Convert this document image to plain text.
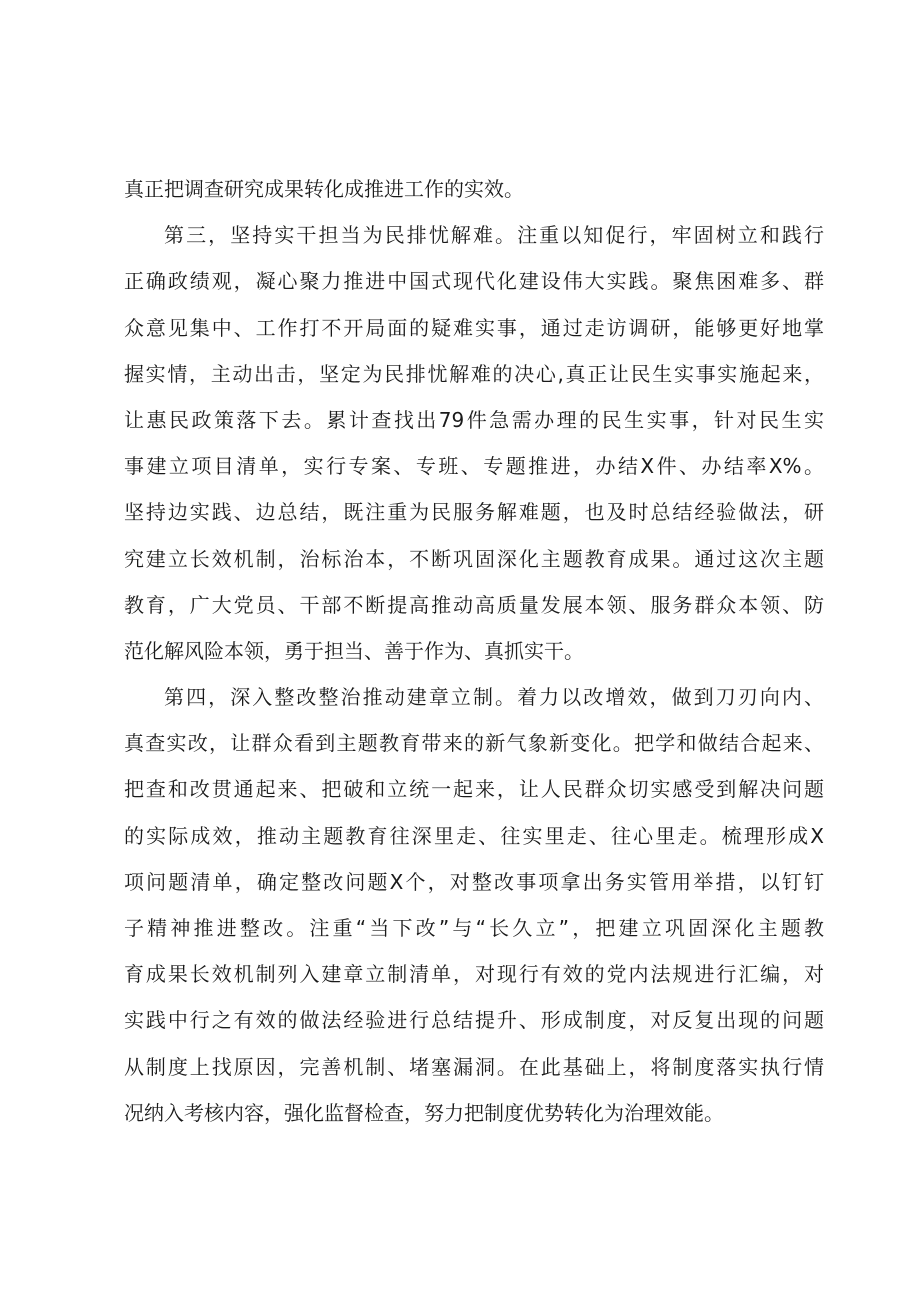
真正把调查研究成果转化成推进工作的实效。
第三，坚持实干担当为民排忧解难。注重以知促行，牢固树立和践行
正确政绩观，凝心聚力推进中国式现代化建设伟大实践。聚焦困难多、群
众意见集中、工作打不开局面的疑难实事，通过走访调研，能够更好地掌
握实情，主动出击，坚定为民排忧解难的决心,真正让民生实事实施起来，
让惠民政策落下去。累计查找出79件急需办理的民生实事，针对民生实
事建立项目清单，实行专案、专班、专题推进，办结X件、办结率X%。
坚持边实践、边总结，既注重为民服务解难题，也及时总结经验做法，研
究建立长效机制，治标治本，不断巩固深化主题教育成果。通过这次主题
教育，广大党员、干部不断提高推动高质量发展本领、服务群众本领、防
范化解风险本领，勇于担当、善于作为、真抓实干。
第四，深入整改整治推动建章立制。着力以改增效，做到刀刃向内、
真查实改，让群众看到主题教育带来的新气象新变化。把学和做结合起来、
把查和改贯通起来、把破和立统一起来，让人民群众切实感受到解决问题
的实际成效，推动主题教育往深里走、往实里走、往心里走。梳理形成X
项问题清单，确定整改问题X个，对整改事项拿出务实管用举措，以钉钉
子精神推进整改。注重“当下改”与“长久立”，把建立巩固深化主题教
育成果长效机制列入建章立制清单，对现行有效的党内法规进行汇编，对
实践中行之有效的做法经验进行总结提升、形成制度，对反复出现的问题
从制度上找原因，完善机制、堵塞漏洞。在此基础上，将制度落实执行情
况纳入考核内容，强化监督检查，努力把制度优势转化为治理效能。
